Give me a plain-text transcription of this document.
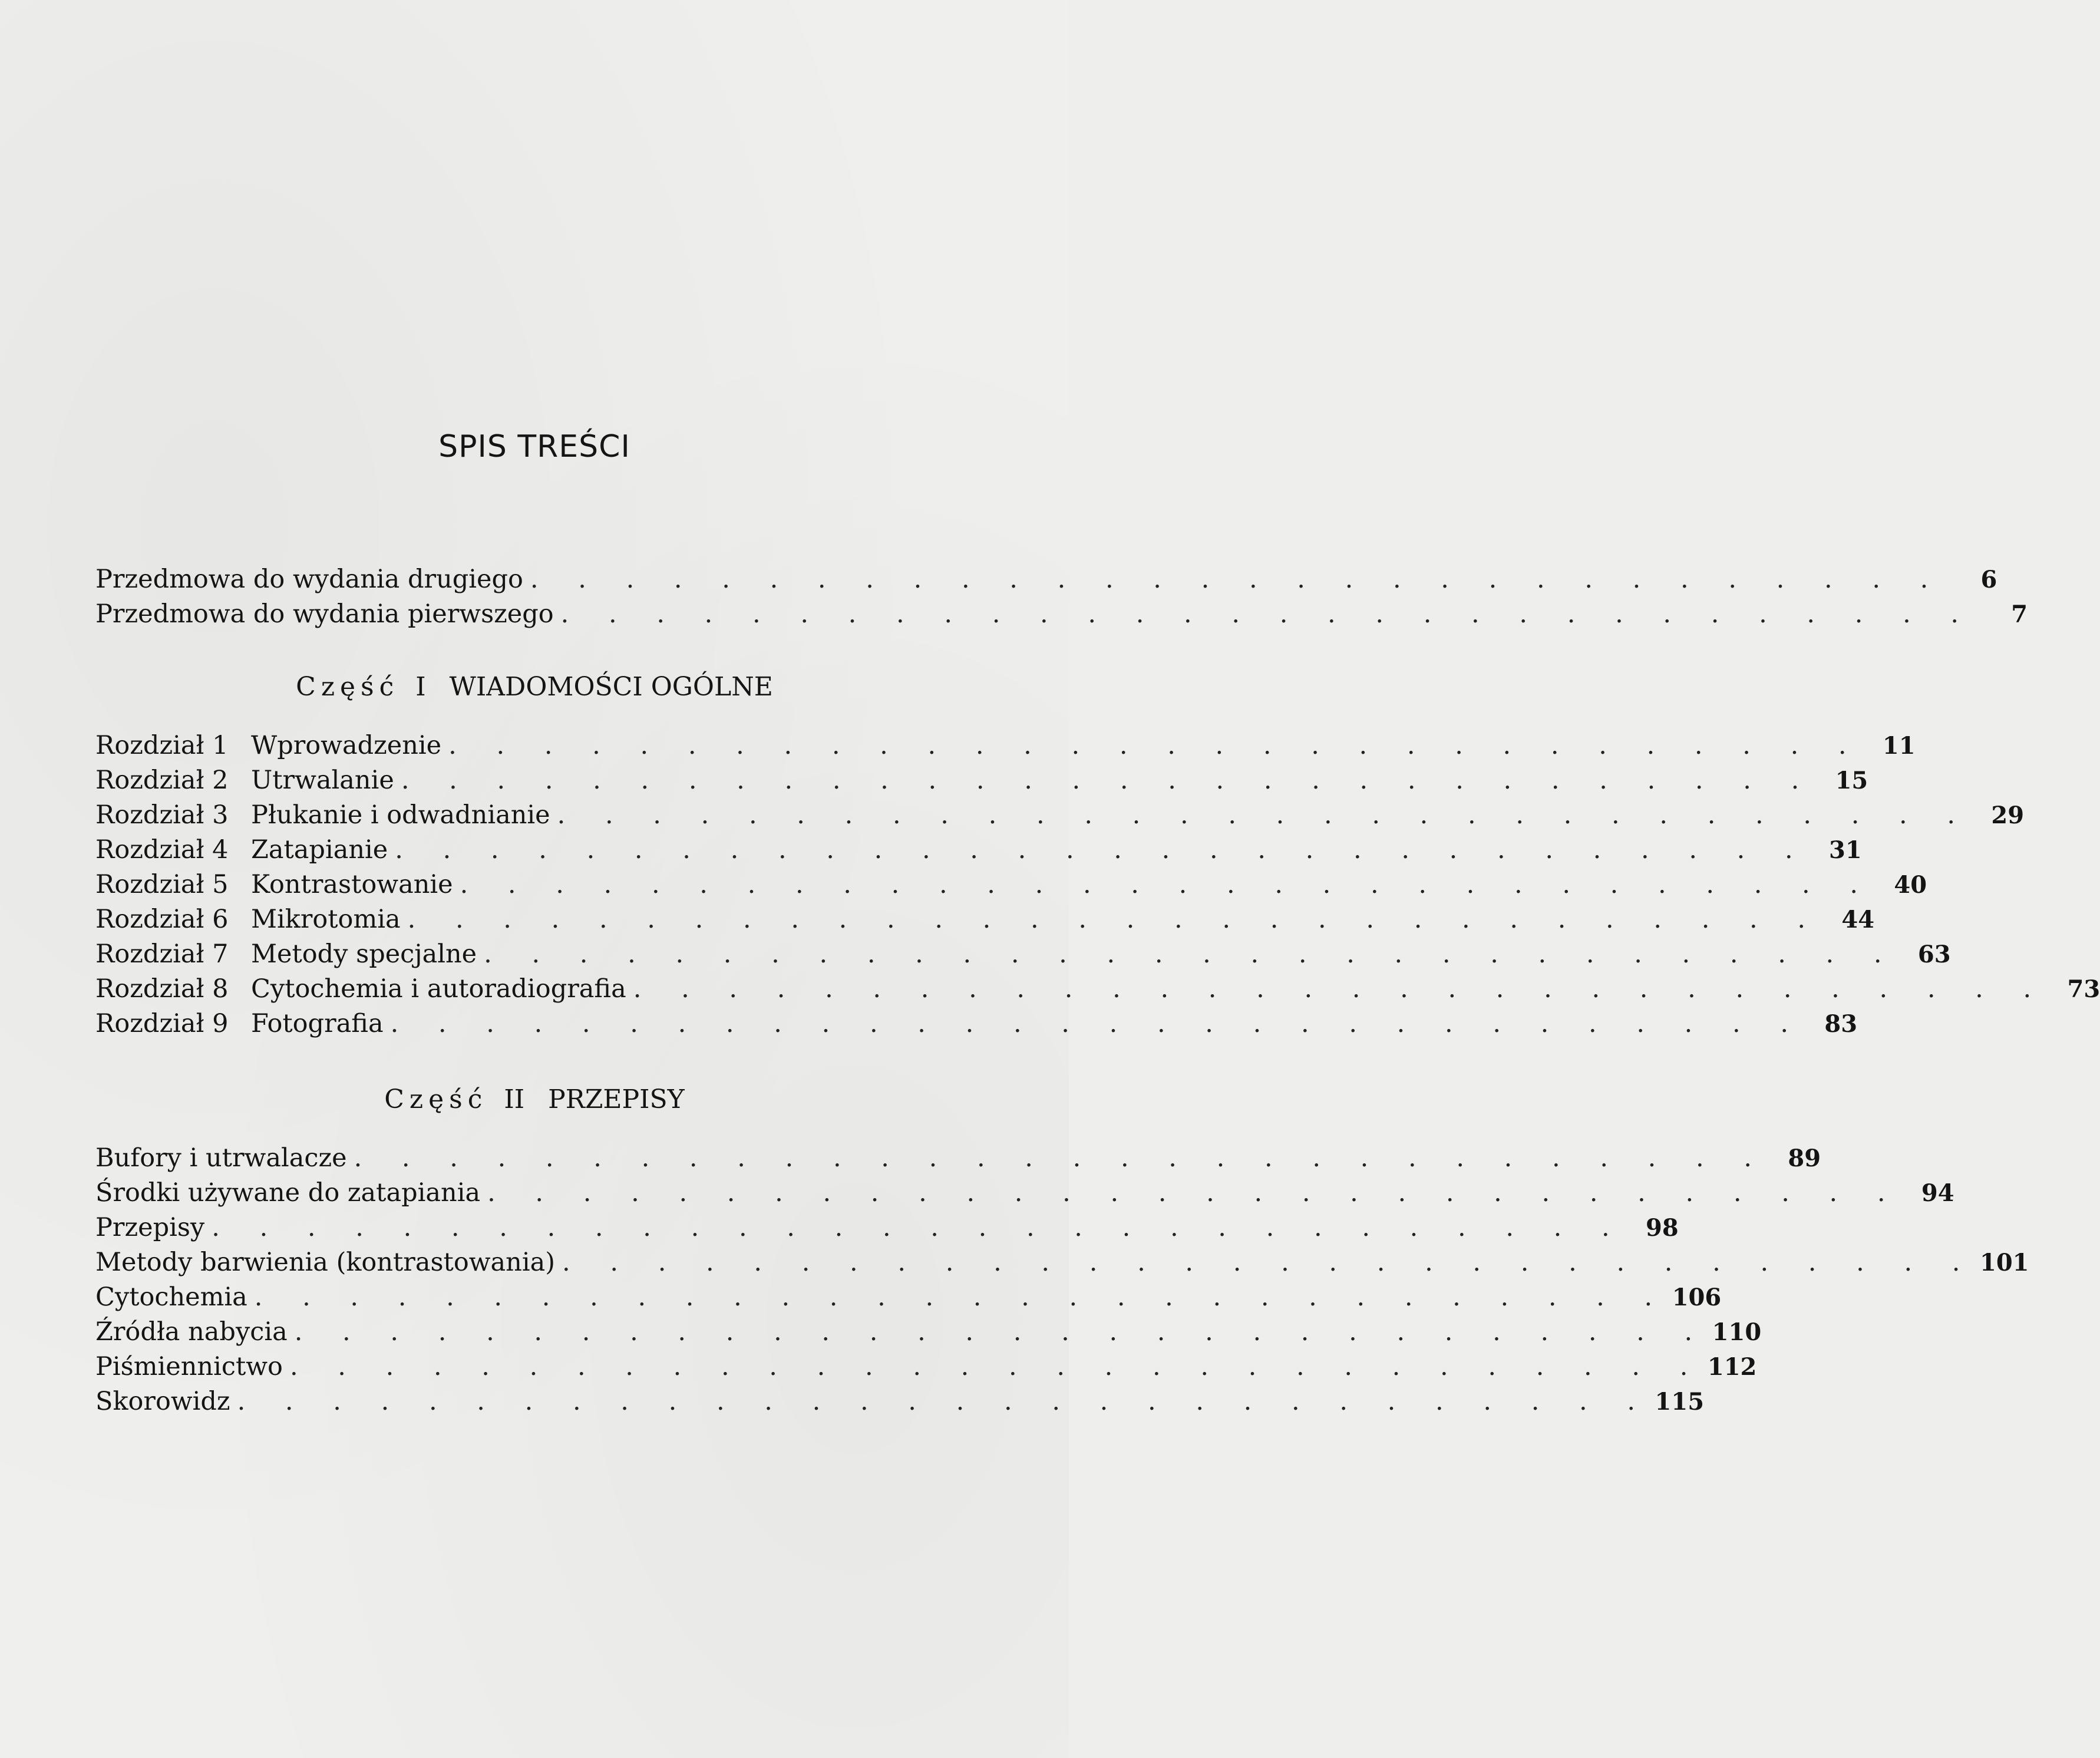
SPIS TREŚCI
Przedmowa do wydania drugiego . . . . . . . . . . . . . . . . . . . . . . . . . . . . . .	6
Przedmowa do wydania pierwszego . . . . . . . . . . . . . . . . . . . . . . . . . . . . . .	7
Część I WIADOMOŚCI OGÓLNE
Rozdział 1 Wprowadzenie . . . . . . . . . . . . . . . . . . . . . . . . . . . . . . 11
Rozdział 2 Utrwalanie . . . . . . . . . . . . . . . . . . . . . . . . . . . . . . 15
Rozdział 3 Płukanie i odwadnianie . . . . . . . . . . . . . . . . . . . . . . . . . . . . . . 29
Rozdział 4 Zatapianie . . . . . . . . . . . . . . . . . . . . . . . . . . . . . . 31
Rozdział 5 Kontrastowanie . . . . . . . . . . . . . . . . . . . . . . . . . . . . . . 40
Rozdział 6 Mikrotomia . . . . . . . . . . . . . . . . . . . . . . . . . . . . . . 44
Rozdział 7 Metody specjalne . . . . . . . . . . . . . . . . . . . . . . . . . . . . . . 63
Rozdział 8 Cytochemia i autoradiografia . . . . . . . . . . . . . . . . . . . . . . . . . . . . . . 73
Rozdział 9 Fotografia . . . . . . . . . . . . . . . . . . . . . . . . . . . . . . 83
Część II PRZEPISY
Bufory i utrwalacze . . . . . . . . . . . . . . . . . . . . . . . . . . . . . . 89
Środki używane do zatapiania . . . . . . . . . . . . . . . . . . . . . . . . . . . . . . 94
Przepisy . . . . . . . . . . . . . . . . . . . . . . . . . . . . . . 98
Metody barwienia (kontrastowania) . . . . . . . . . . . . . . . . . . . . . . . . . . . . . . 101
Cytochemia . . . . . . . . . . . . . . . . . . . . . . . . . . . . . . 106
Źródła nabycia . . . . . . . . . . . . . . . . . . . . . . . . . . . . . . 110
Piśmiennictwo . . . . . . . . . . . . . . . . . . . . . . . . . . . . . . 112
Skorowidz . . . . . . . . . . . . . . . . . . . . . . . . . . . . . . 115
